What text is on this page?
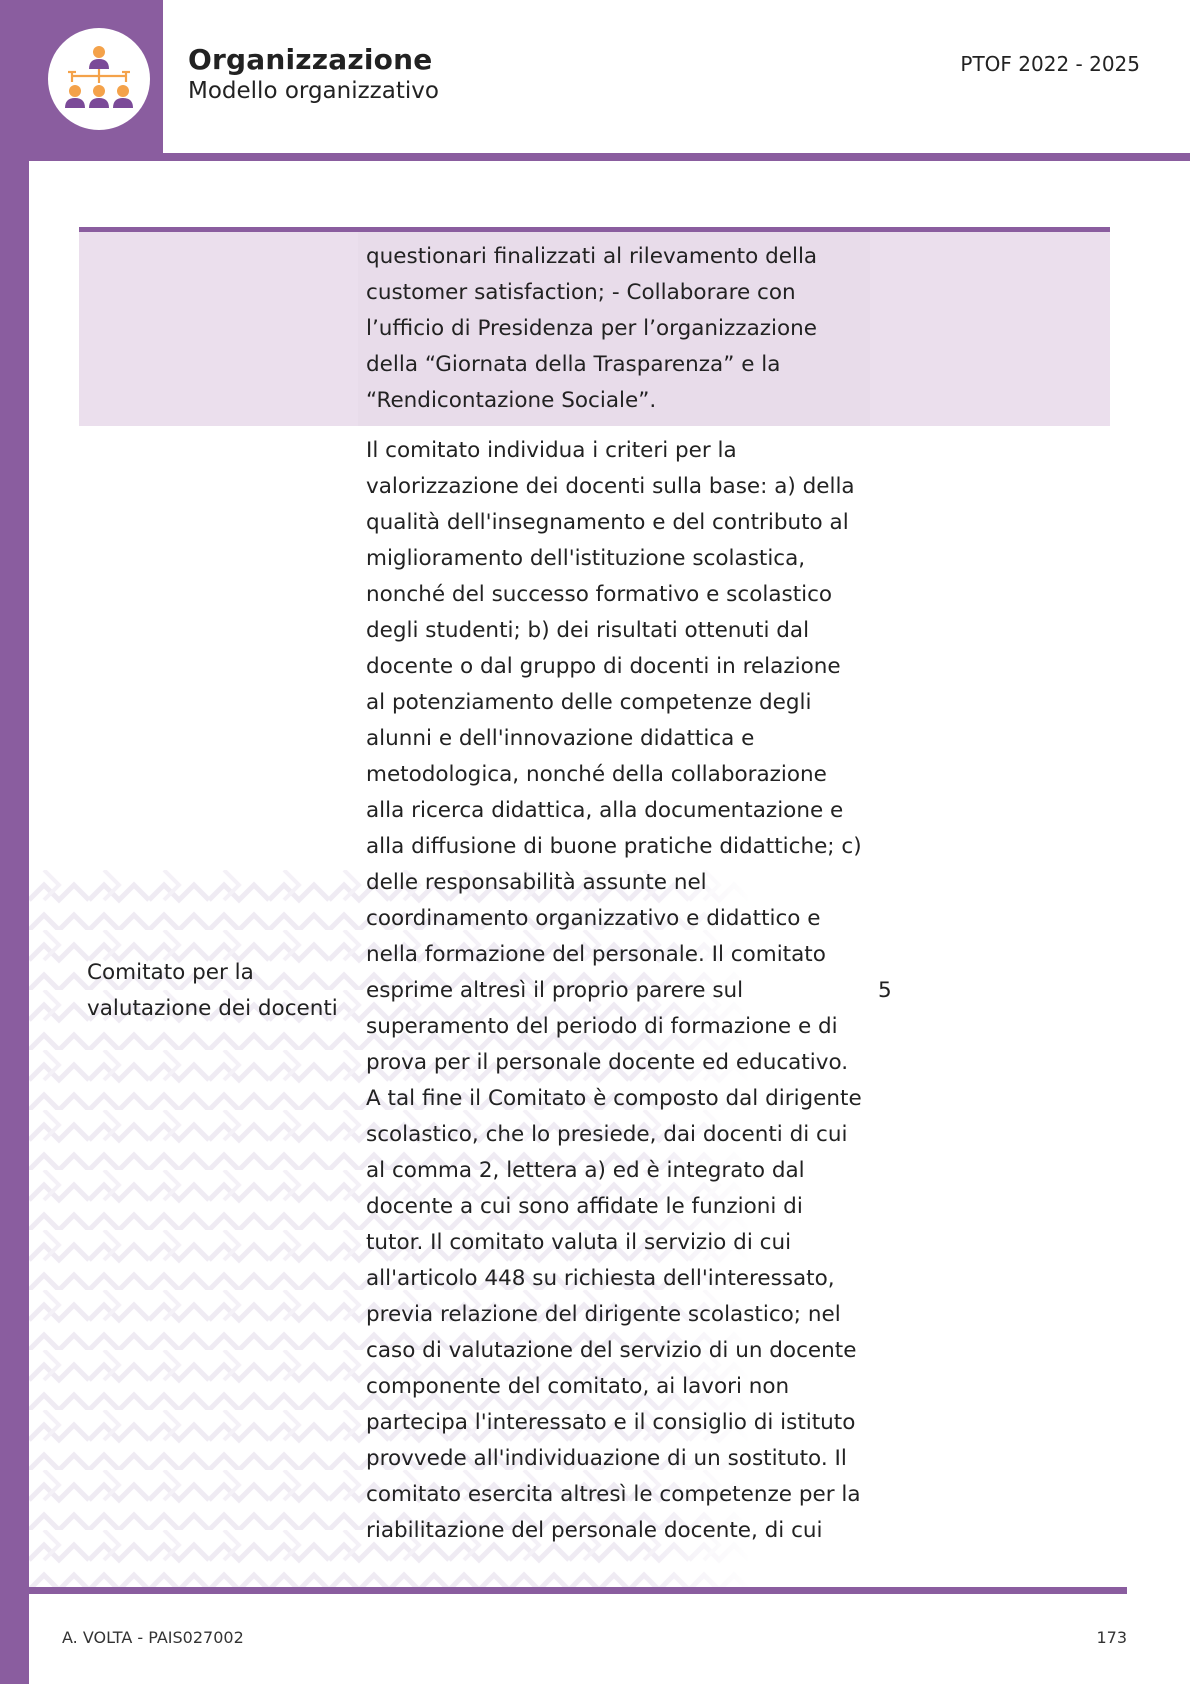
Organizzazione
Modello organizzativo
PTOF 2022 - 2025
questionari finalizzati al rilevamento della customer satisfaction; - Collaborare con l’ufficio di Presidenza per l’organizzazione della “Giornata della Trasparenza” e la “Rendicontazione Sociale”.
Comitato per la valutazione dei docenti
Il comitato individua i criteri per la valorizzazione dei docenti sulla base: a) della qualità dell'insegnamento e del contributo al miglioramento dell'istituzione scolastica, nonché del successo formativo e scolastico degli studenti; b) dei risultati ottenuti dal docente o dal gruppo di docenti in relazione al potenziamento delle competenze degli alunni e dell'innovazione didattica e metodologica, nonché della collaborazione alla ricerca didattica, alla documentazione e alla diffusione di buone pratiche didattiche; c) delle responsabilità assunte nel coordinamento organizzativo e didattico e nella formazione del personale. Il comitato esprime altresì il proprio parere sul superamento del periodo di formazione e di prova per il personale docente ed educativo. A tal fine il Comitato è composto dal dirigente scolastico, che lo presiede, dai docenti di cui al comma 2, lettera a) ed è integrato dal docente a cui sono affidate le funzioni di tutor. Il comitato valuta il servizio di cui all'articolo 448 su richiesta dell'interessato, previa relazione del dirigente scolastico; nel caso di valutazione del servizio di un docente componente del comitato, ai lavori non partecipa l'interessato e il consiglio di istituto provvede all'individuazione di un sostituto. Il comitato esercita altresì le competenze per la riabilitazione del personale docente, di cui
5
A. VOLTA - PAIS027002	173
